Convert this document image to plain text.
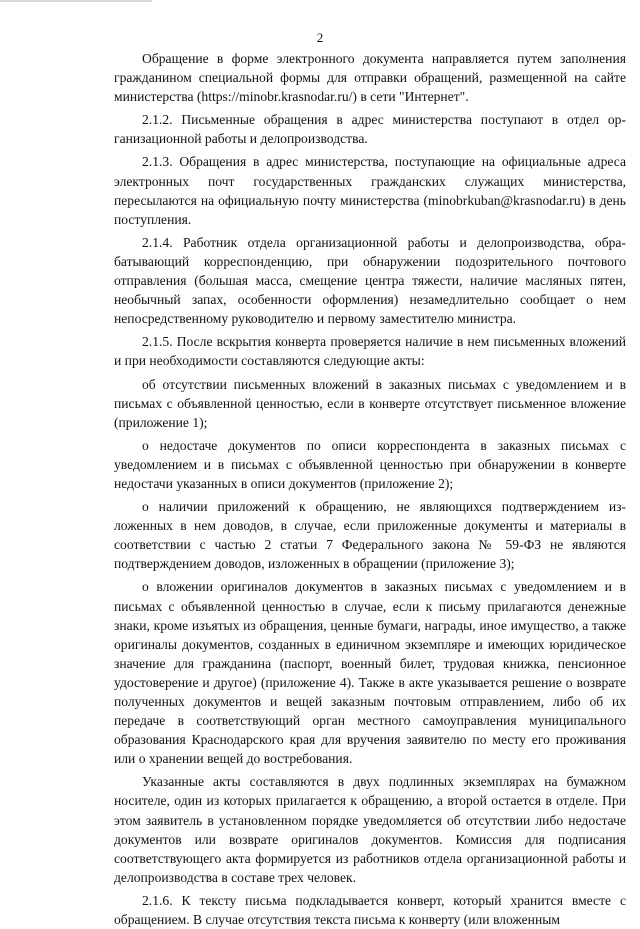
2

Обращение в форме электронного документа направляется путем заполнения гражданином специальной формы для отправки обращений, размещенной на сайте министерства (https://minobr.krasnodar.ru/) в сети "Интернет".

2.1.2. Письменные обращения в адрес министерства поступают в отдел организационной работы и делопроизводства.

2.1.3. Обращения в адрес министерства, поступающие на официальные адреса электронных почт государственных гражданских служащих министерства, пересылаются на официальную почту министерства (minobrkuban@krasnodar.ru) в день поступления.

2.1.4. Работник отдела организационной работы и делопроизводства, обрабатывающий корреспонденцию, при обнаружении подозрительного почтового отправления (большая масса, смещение центра тяжести, наличие масляных пятен, необычный запах, особенности оформления) незамедлительно сообщает о нем непосредственному руководителю и первому заместителю министра.

2.1.5. После вскрытия конверта проверяется наличие в нем письменных вложений и при необходимости составляются следующие акты:

об отсутствии письменных вложений в заказных письмах с уведомлением и в письмах с объявленной ценностью, если в конверте отсутствует письменное вложение (приложение 1);

о недостаче документов по описи корреспондента в заказных письмах с уведомлением и в письмах с объявленной ценностью при обнаружении в конверте недостачи указанных в описи документов (приложение 2);

о наличии приложений к обращению, не являющихся подтверждением изложенных в нем доводов, в случае, если приложенные документы и материалы в соответствии с частью 2 статьи 7 Федерального закона № 59-ФЗ не являются подтверждением доводов, изложенных в обращении (приложение 3);

о вложении оригиналов документов в заказных письмах с уведомлением и в письмах с объявленной ценностью в случае, если к письму прилагаются денежные знаки, кроме изъятых из обращения, ценные бумаги, награды, иное имущество, а также оригиналы документов, созданных в единичном экземпляре и имеющих юридическое значение для гражданина (паспорт, военный билет, трудовая книжка, пенсионное удостоверение и другое) (приложение 4). Также в акте указывается решение о возврате полученных документов и вещей заказным почтовым отправлением, либо об их передаче в соответствующий орган местного самоуправления муниципального образования Краснодарского края для вручения заявителю по месту его проживания или о хранении вещей до востребования.

Указанные акты составляются в двух подлинных экземплярах на бумажном носителе, один из которых прилагается к обращению, а второй остается в отделе. При этом заявитель в установленном порядке уведомляется об отсутствии либо недостаче документов или возврате оригиналов документов. Комиссия для подписания соответствующего акта формируется из работников отдела организационной работы и делопроизводства в составе трех человек.

2.1.6. К тексту письма подкладывается конверт, который хранится вместе с обращением. В случае отсутствия текста письма к конверту (или вложенным
